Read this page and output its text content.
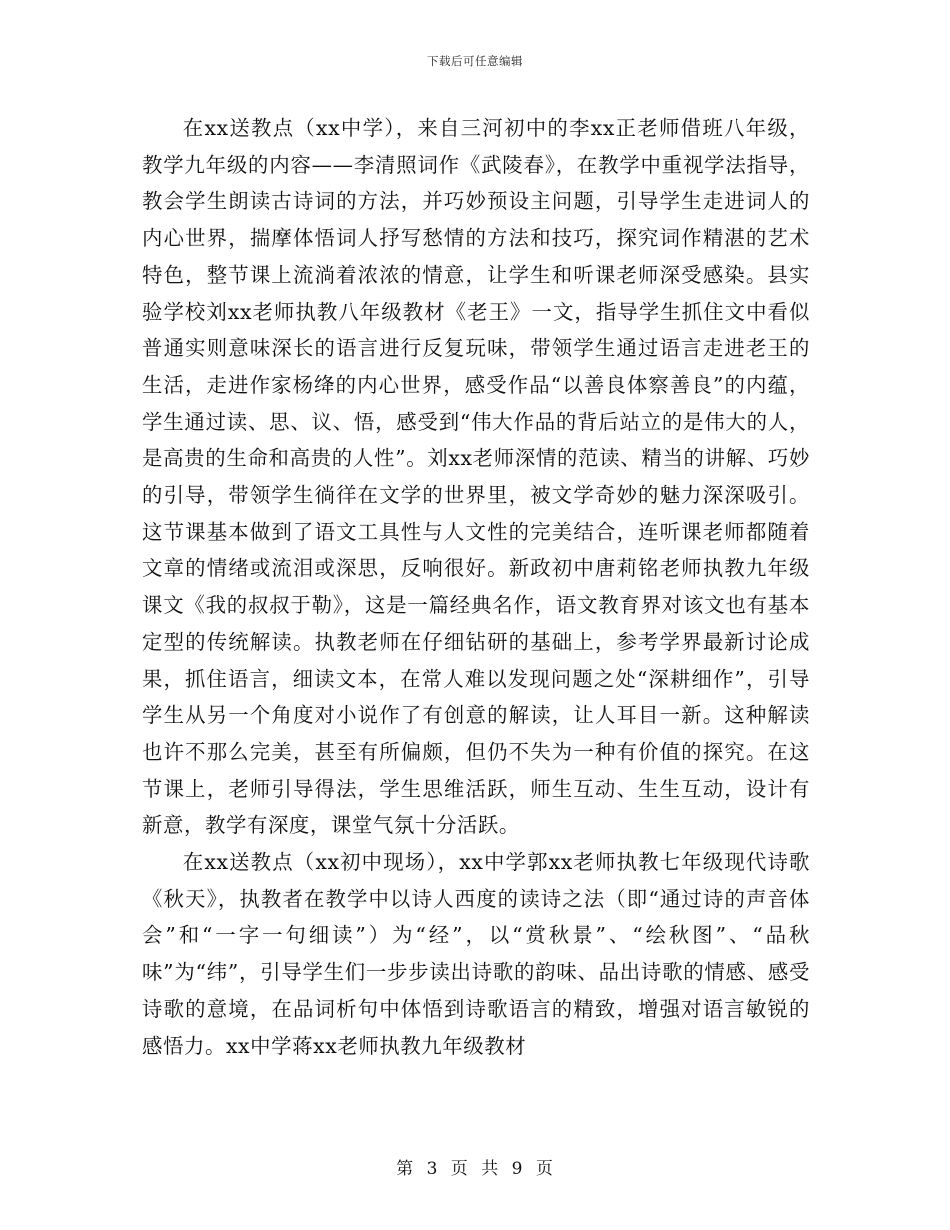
下载后可任意编辑

在xx送教点（xx中学），来自三河初中的李xx正老师借班八年级，教学九年级的内容——李清照词作《武陵春》，在教学中重视学法指导，教会学生朗读古诗词的方法，并巧妙预设主问题，引导学生走进词人的内心世界，揣摩体悟词人抒写愁情的方法和技巧，探究词作精湛的艺术特色，整节课上流淌着浓浓的情意，让学生和听课老师深受感染。县实验学校刘xx老师执教八年级教材《老王》一文，指导学生抓住文中看似普通实则意味深长的语言进行反复玩味，带领学生通过语言走进老王的生活，走进作家杨绛的内心世界，感受作品“以善良体察善良”的内蕴，学生通过读、思、议、悟，感受到“伟大作品的背后站立的是伟大的人，是高贵的生命和高贵的人性”。刘xx老师深情的范读、精当的讲解、巧妙的引导，带领学生徜徉在文学的世界里，被文学奇妙的魅力深深吸引。这节课基本做到了语文工具性与人文性的完美结合，连听课老师都随着文章的情绪或流泪或深思，反响很好。新政初中唐莉铭老师执教九年级课文《我的叔叔于勒》，这是一篇经典名作，语文教育界对该文也有基本定型的传统解读。执教老师在仔细钻研的基础上，参考学界最新讨论成果，抓住语言，细读文本，在常人难以发现问题之处“深耕细作”，引导学生从另一个角度对小说作了有创意的解读，让人耳目一新。这种解读也许不那么完美，甚至有所偏颇，但仍不失为一种有价值的探究。在这节课上，老师引导得法，学生思维活跃，师生互动、生生互动，设计有新意，教学有深度，课堂气氛十分活跃。

在xx送教点（xx初中现场），xx中学郭xx老师执教七年级现代诗歌《秋天》，执教者在教学中以诗人西度的读诗之法（即“通过诗的声音体会”和“一字一句细读”）为“经”，以“赏秋景”、“绘秋图”、“品秋味”为“纬”，引导学生们一步步读出诗歌的韵味、品出诗歌的情感、感受诗歌的意境，在品词析句中体悟到诗歌语言的精致，增强对语言敏锐的感悟力。xx中学蒋xx老师执教九年级教材

第 3 页 共 9 页
